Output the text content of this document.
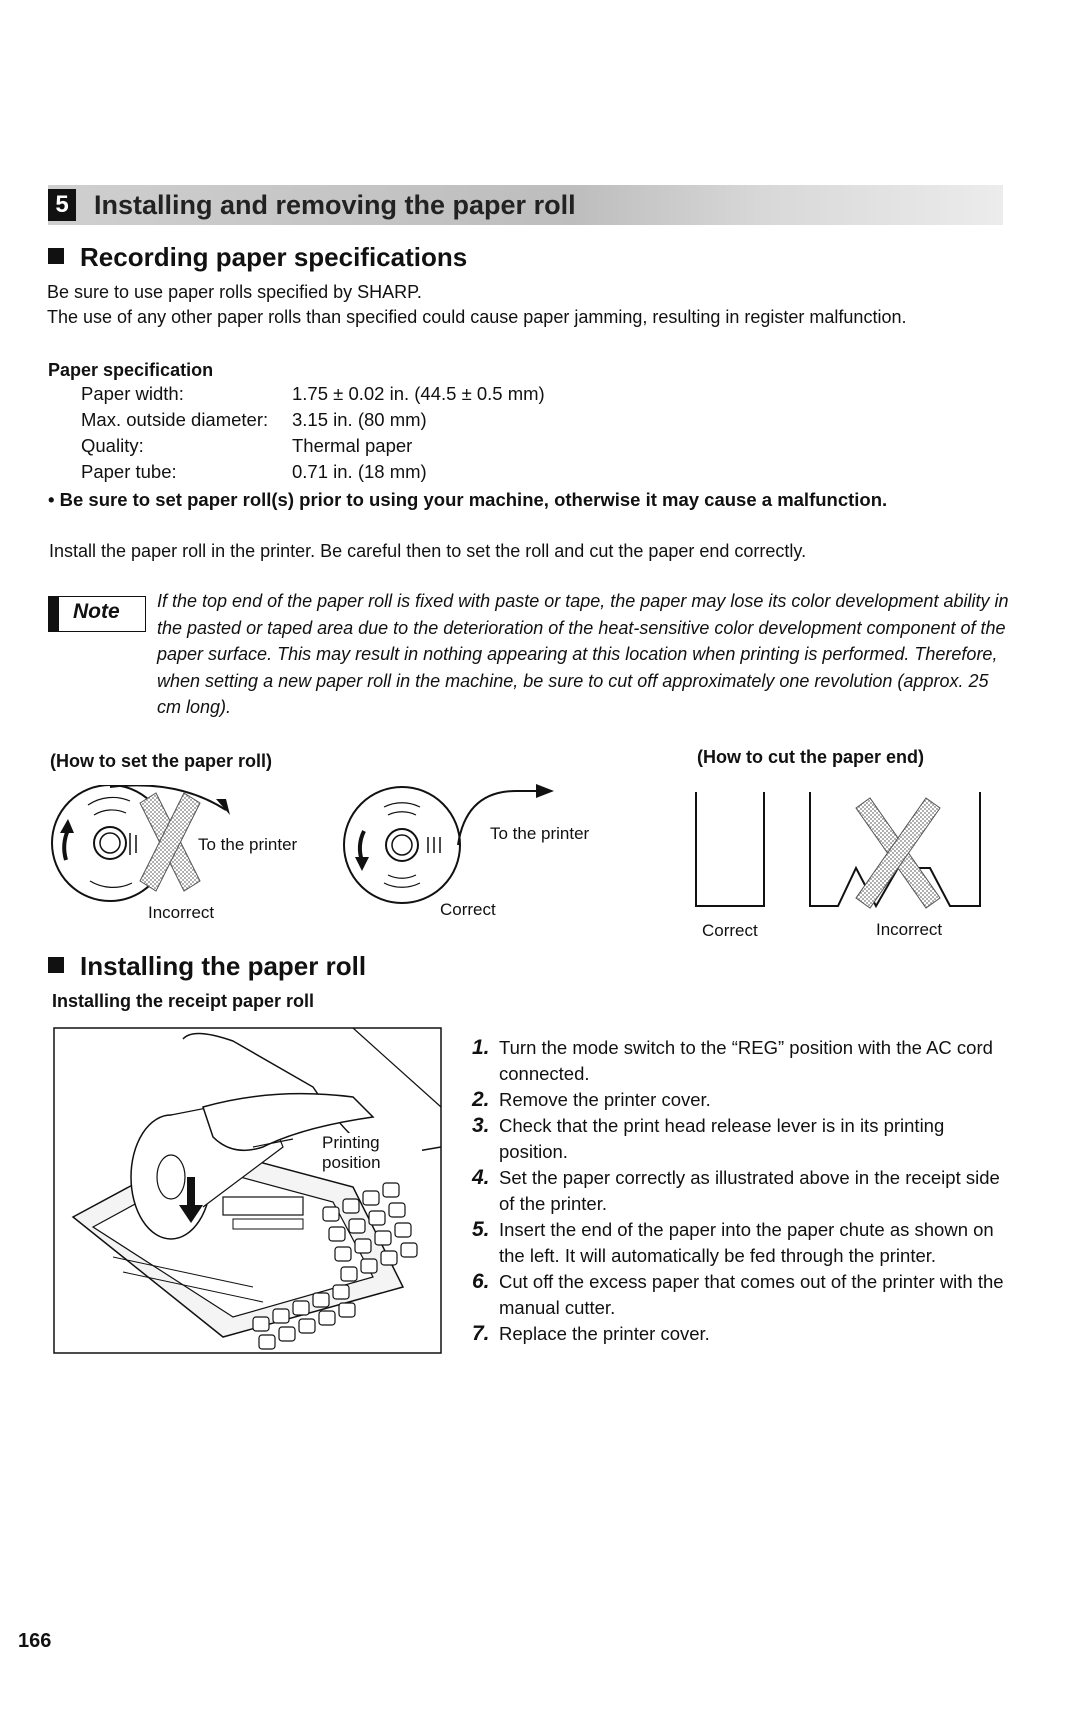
5 Installing and removing the paper roll
Recording paper specifications
Be sure to use paper rolls specified by SHARP.
The use of any other paper rolls than specified could cause paper jamming, resulting in register malfunction.
Paper specification
Paper width:	1.75 ± 0.02 in. (44.5 ± 0.5 mm)
Max. outside diameter: 3.15 in. (80 mm)
Quality:	Thermal paper
Paper tube:	0.71 in. (18 mm)
• Be sure to set paper roll(s) prior to using your machine, otherwise it may cause a malfunction.
Install the paper roll in the printer. Be careful then to set the roll and cut the paper end correctly.
Note If the top end of the paper roll is fixed with paste or tape, the paper may lose its color development ability in the pasted or taped area due to the deterioration of the heat-sensitive color development component of the paper surface. This may result in nothing appearing at this location when printing is performed. Therefore, when setting a new paper roll in the machine, be sure to cut off approximately one revolution (approx. 25 cm long).
(How to set the paper roll)	(How to cut the paper end)
To the printer
Incorrect
To the printer
Correct
Correct	Incorrect
Installing the paper roll
Installing the receipt paper roll
Printing position
1. Turn the mode switch to the “REG” position with the AC cord connected.
2. Remove the printer cover.
3. Check that the print head release lever is in its printing position.
4. Set the paper correctly as illustrated above in the receipt side of the printer.
5. Insert the end of the paper into the paper chute as shown on the left. It will automatically be fed through the printer.
6. Cut off the excess paper that comes out of the printer with the manual cutter.
7. Replace the printer cover.
166
